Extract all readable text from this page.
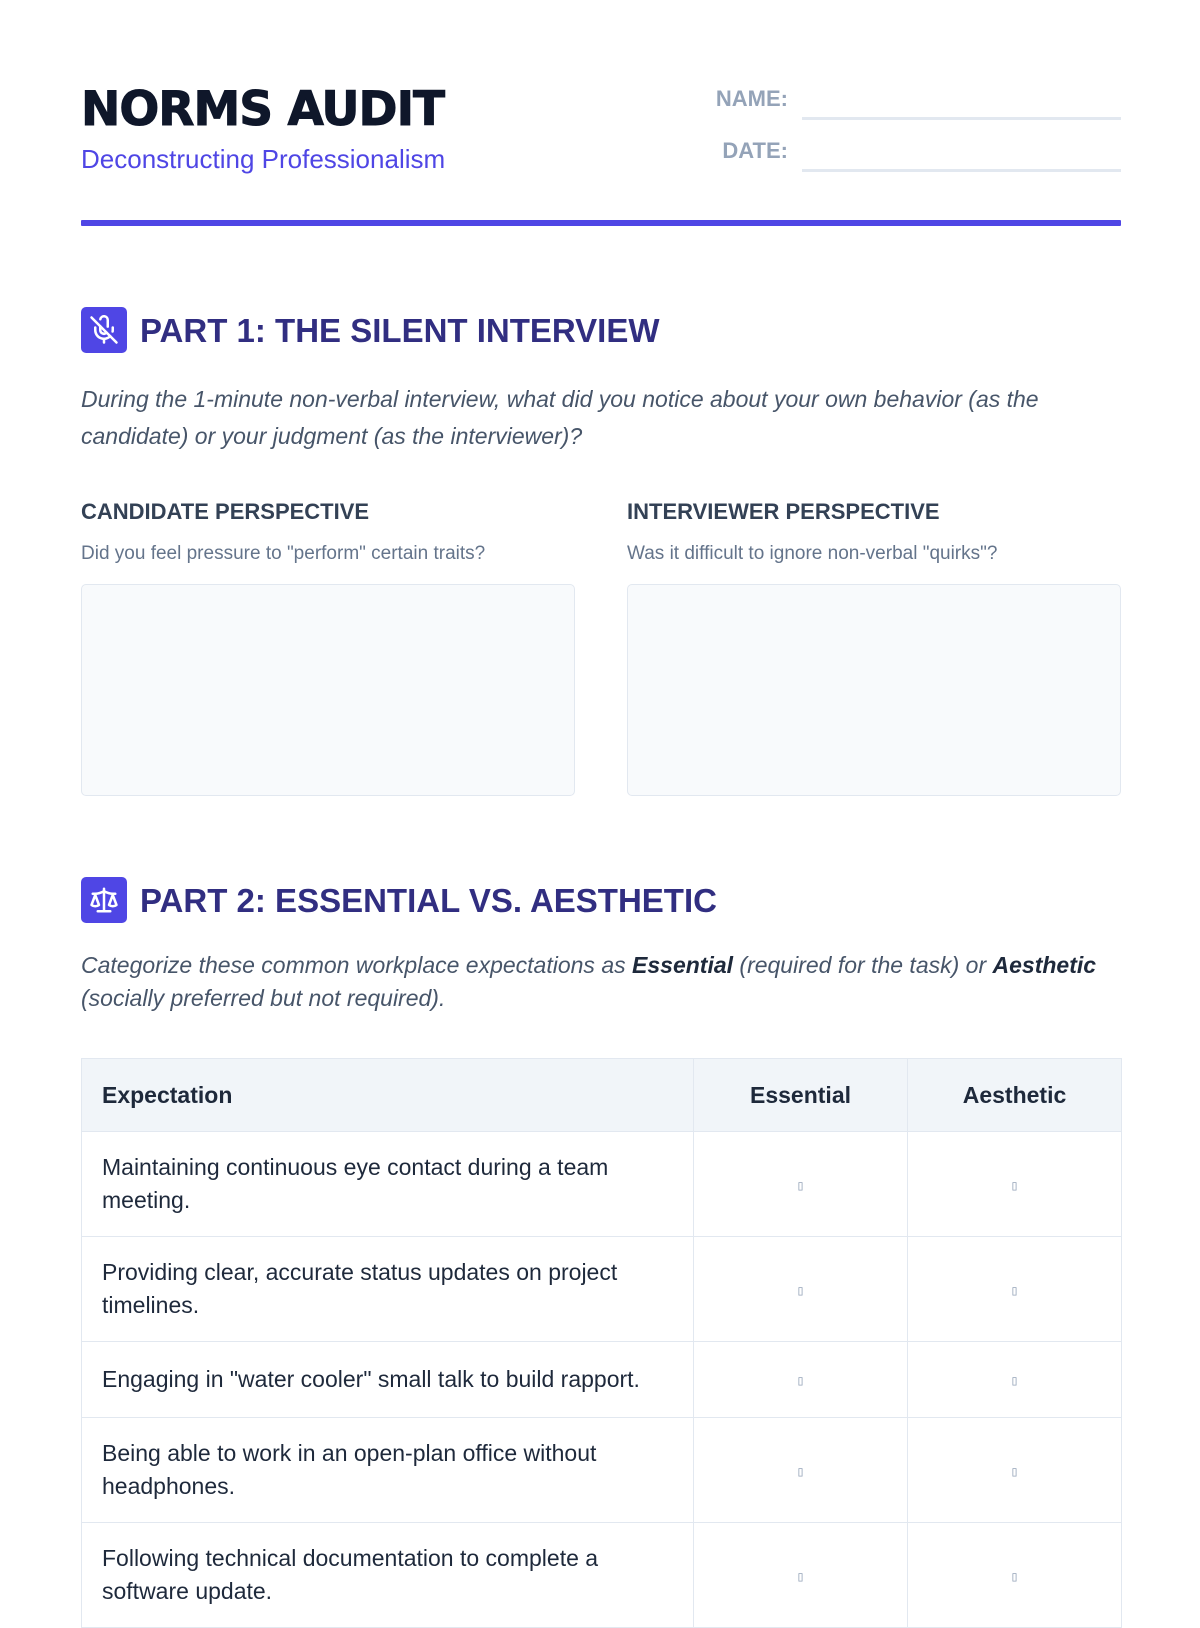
NORMS AUDIT
Deconstructing Professionalism
NAME:
DATE:
PART 1: THE SILENT INTERVIEW

During the 1-minute non-verbal interview, what did you notice about your own behavior (as the candidate) or your judgment (as the interviewer)?

CANDIDATE PERSPECTIVE
Did you feel pressure to "perform" certain traits?
INTERVIEWER PERSPECTIVE
Was it difficult to ignore non-verbal "quirks"?
PART 2: ESSENTIAL VS. AESTHETIC

Categorize these common workplace expectations as Essential (required for the task) or Aesthetic (socially preferred but not required).

Expectation	Essential	Aesthetic
Maintaining continuous eye contact during a team meeting.	▯	▯
Providing clear, accurate status updates on project timelines.	▯	▯
Engaging in "water cooler" small talk to build rapport.	▯	▯
Being able to work in an open-plan office without headphones.	▯	▯
Following technical documentation to complete a software update.	▯	▯
